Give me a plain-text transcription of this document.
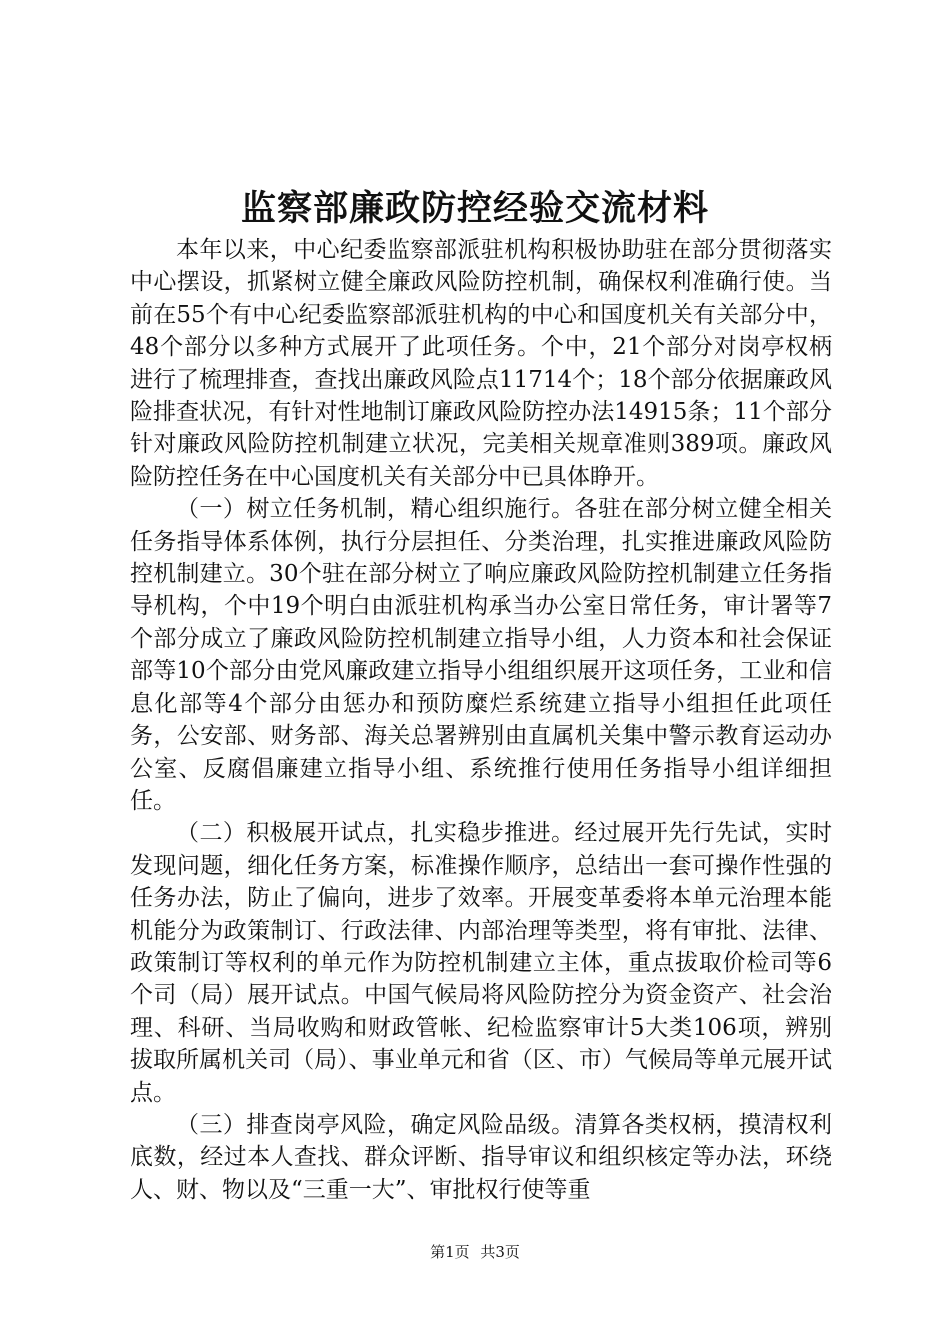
监察部廉政防控经验交流材料

本年以来，中心纪委监察部派驻机构积极协助驻在部分贯彻落实中心摆设，抓紧树立健全廉政风险防控机制，确保权利准确行使。当前在55个有中心纪委监察部派驻机构的中心和国度机关有关部分中，48个部分以多种方式展开了此项任务。个中，21个部分对岗亭权柄进行了梳理排查，查找出廉政风险点11714个；18个部分依据廉政风险排查状况，有针对性地制订廉政风险防控办法14915条；11个部分针对廉政风险防控机制建立状况，完美相关规章准则389项。廉政风险防控任务在中心国度机关有关部分中已具体睁开。

（一）树立任务机制，精心组织施行。各驻在部分树立健全相关任务指导体系体例，执行分层担任、分类治理，扎实推进廉政风险防控机制建立。30个驻在部分树立了响应廉政风险防控机制建立任务指导机构，个中19个明白由派驻机构承当办公室日常任务，审计署等7个部分成立了廉政风险防控机制建立指导小组，人力资本和社会保证部等10个部分由党风廉政建立指导小组组织展开这项任务，工业和信息化部等4个部分由惩办和预防糜烂系统建立指导小组担任此项任务，公安部、财务部、海关总署辨别由直属机关集中警示教育运动办公室、反腐倡廉建立指导小组、系统推行使用任务指导小组详细担任。

（二）积极展开试点，扎实稳步推进。经过展开先行先试，实时发现问题，细化任务方案，标准操作顺序，总结出一套可操作性强的任务办法，防止了偏向，进步了效率。开展变革委将本单元治理本能机能分为政策制订、行政法律、内部治理等类型，将有审批、法律、政策制订等权利的单元作为防控机制建立主体，重点拔取价检司等6个司（局）展开试点。中国气候局将风险防控分为资金资产、社会治理、科研、当局收购和财政管帐、纪检监察审计5大类106项，辨别拔取所属机关司（局）、事业单元和省（区、市）气候局等单元展开试点。

（三）排查岗亭风险，确定风险品级。清算各类权柄，摸清权利底数，经过本人查找、群众评断、指导审议和组织核定等办法，环绕人、财、物以及“三重一大”、审批权行使等重

第1页 共3页
